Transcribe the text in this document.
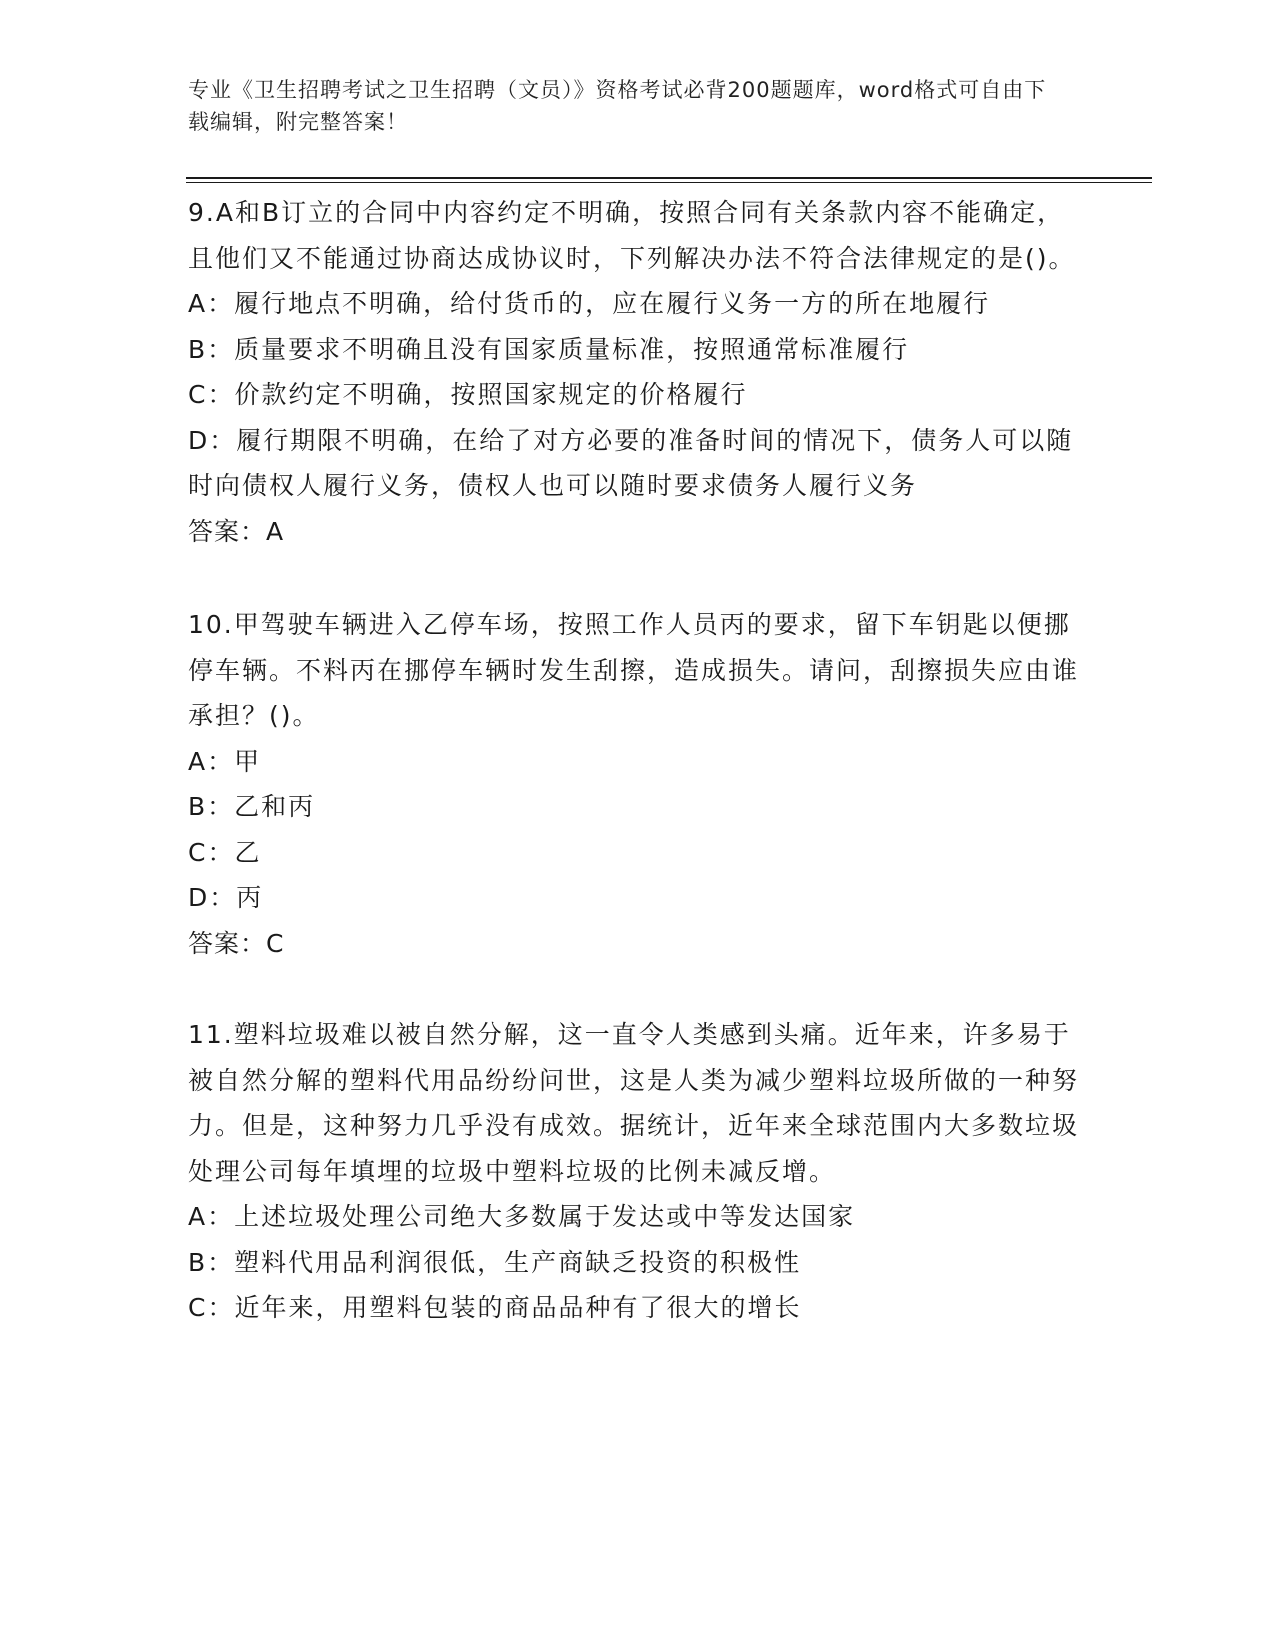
专业《卫生招聘考试之卫生招聘（文员）》资格考试必背200题题库，word格式可自由下载编辑，附完整答案！

9.A和B订立的合同中内容约定不明确，按照合同有关条款内容不能确定，且他们又不能通过协商达成协议时，下列解决办法不符合法律规定的是()。

A：履行地点不明确，给付货币的，应在履行义务一方的所在地履行

B：质量要求不明确且没有国家质量标准，按照通常标准履行

C：价款约定不明确，按照国家规定的价格履行

D：履行期限不明确，在给了对方必要的准备时间的情况下，债务人可以随时向债权人履行义务，债权人也可以随时要求债务人履行义务

答案：A

10.甲驾驶车辆进入乙停车场，按照工作人员丙的要求，留下车钥匙以便挪停车辆。不料丙在挪停车辆时发生刮擦，造成损失。请问，刮擦损失应由谁承担？()。

A：甲

B：乙和丙

C：乙

D：丙

答案：C

11.塑料垃圾难以被自然分解，这一直令人类感到头痛。近年来，许多易于被自然分解的塑料代用品纷纷问世，这是人类为减少塑料垃圾所做的一种努力。但是，这种努力几乎没有成效。据统计，近年来全球范围内大多数垃圾处理公司每年填埋的垃圾中塑料垃圾的比例未减反增。

A：上述垃圾处理公司绝大多数属于发达或中等发达国家

B：塑料代用品利润很低，生产商缺乏投资的积极性

C：近年来，用塑料包装的商品品种有了很大的增长
